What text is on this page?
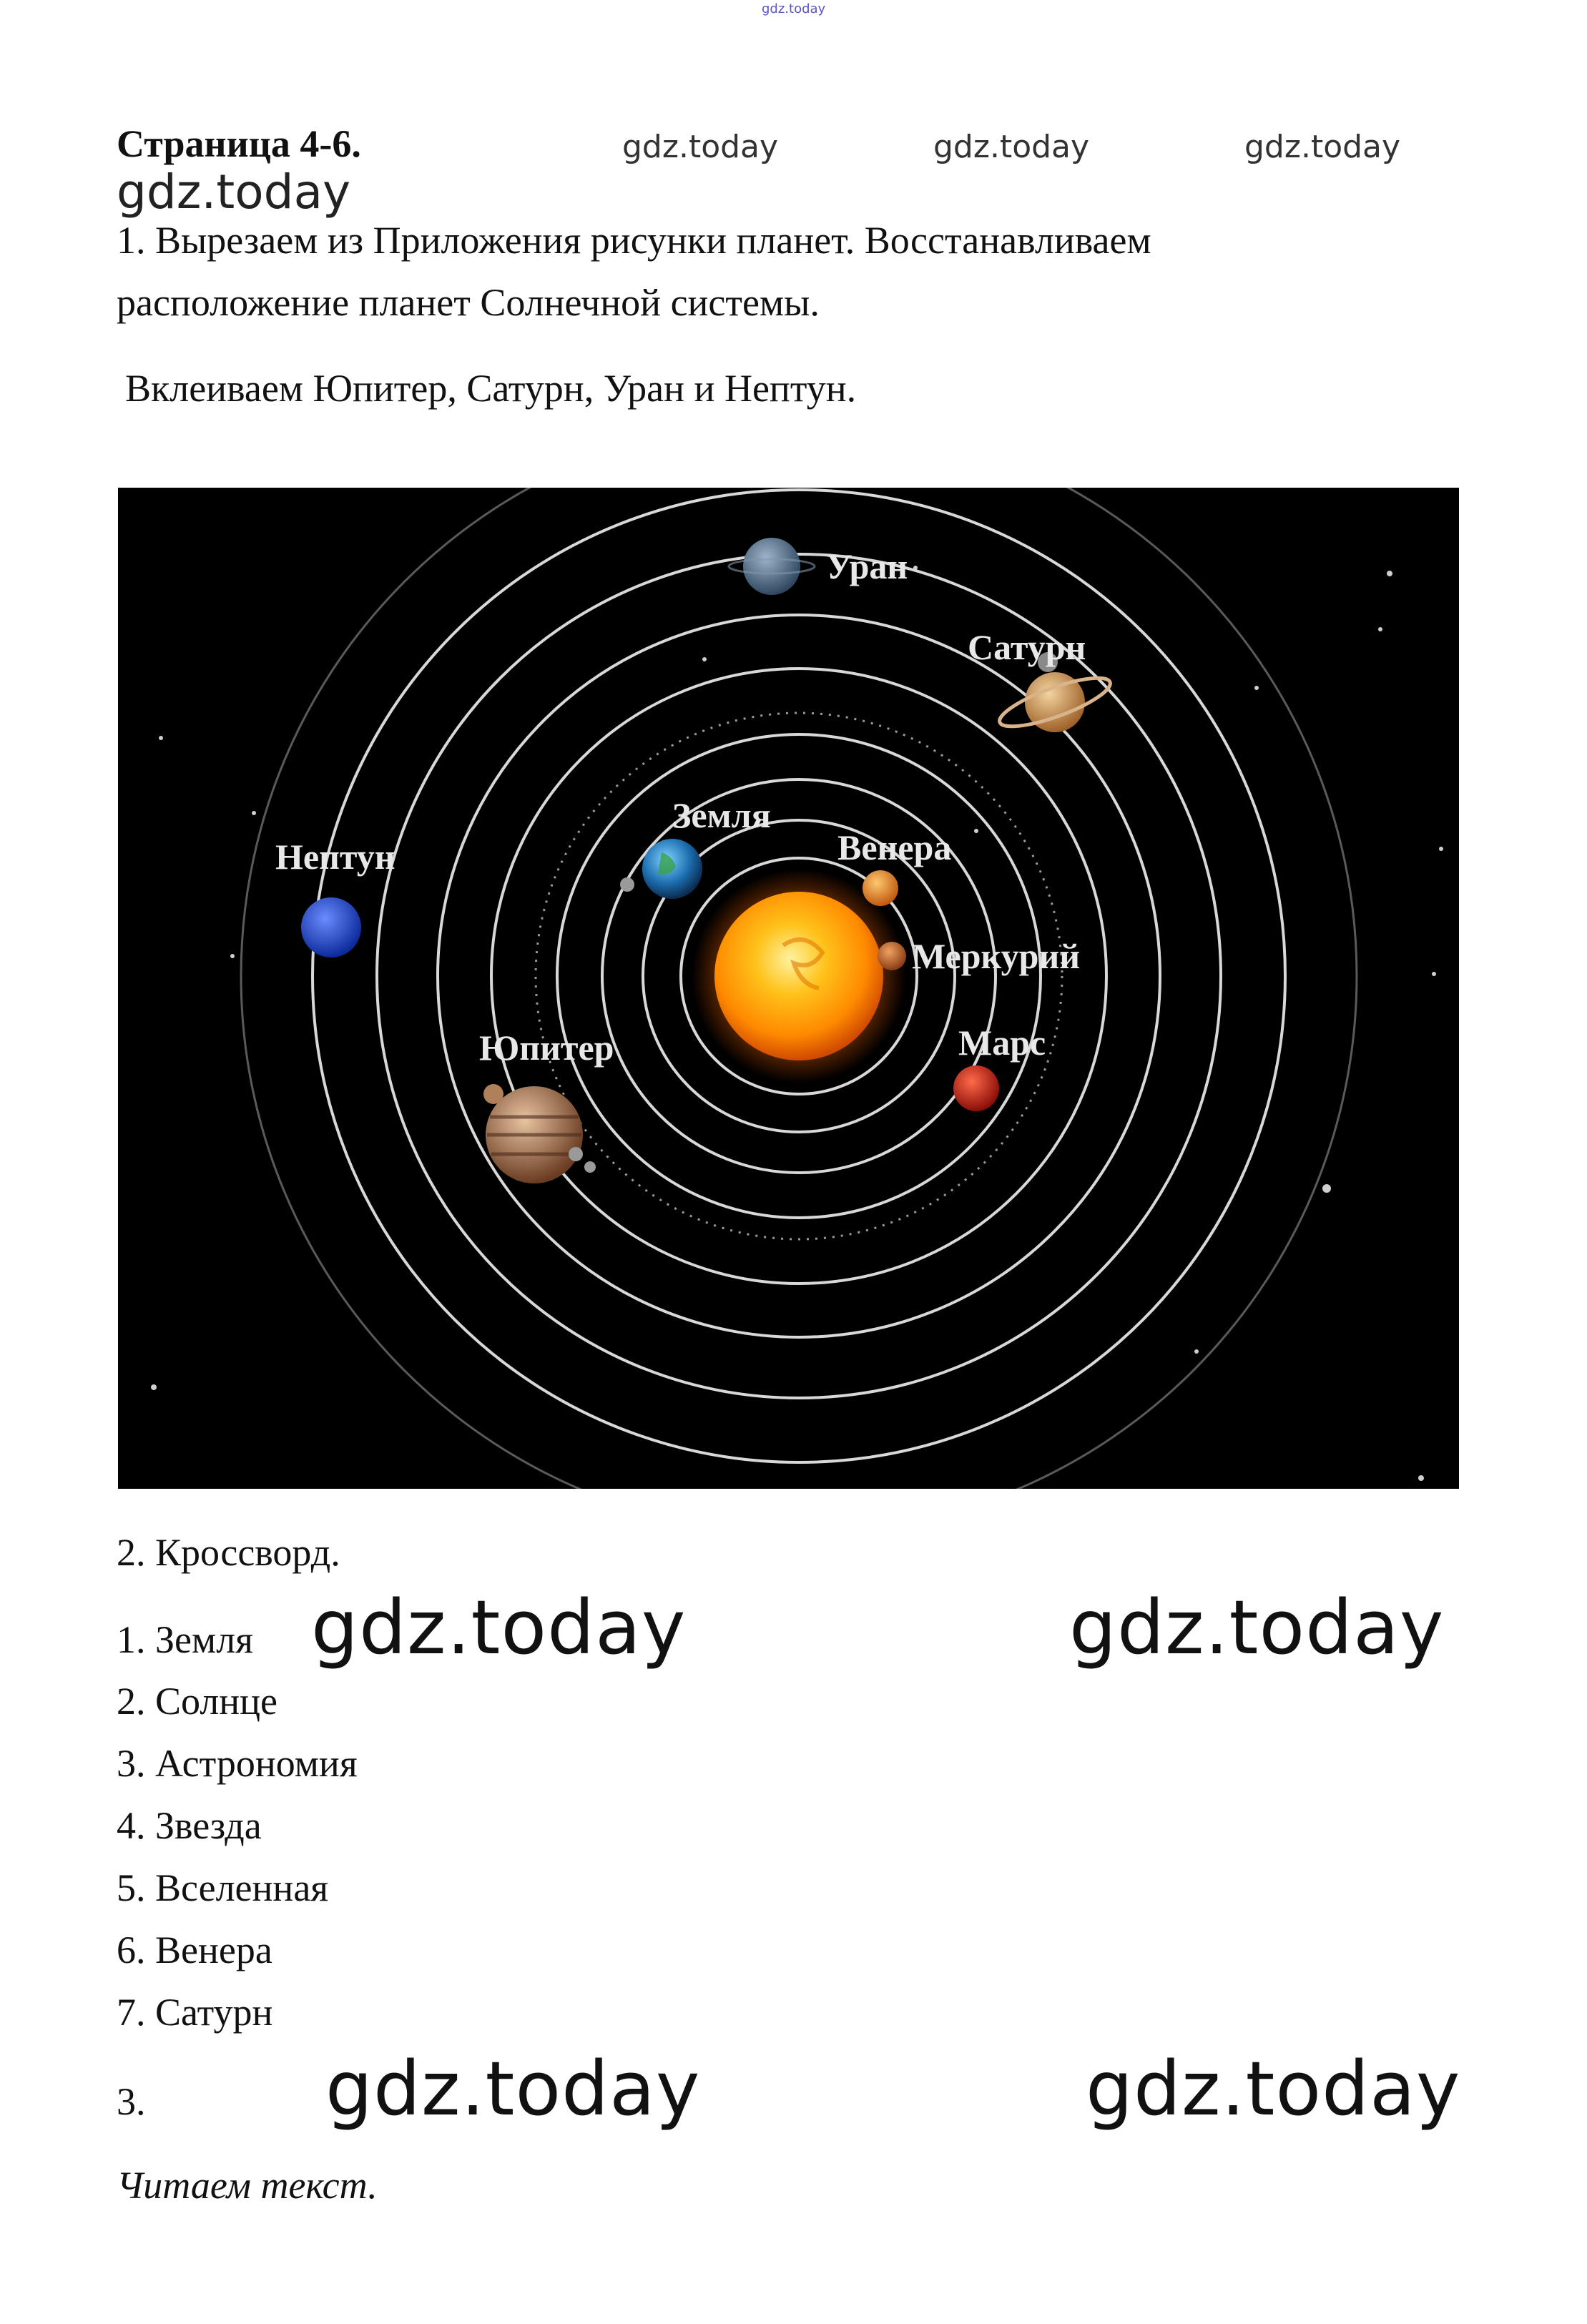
gdz.today
Страница 4-6.	gdz.today	gdz.today	gdz.today
gdz.today
1. Вырезаем из Приложения рисунки планет. Восстанавливаем
расположение планет Солнечной системы.
Вклеиваем Юпитер, Сатурн, Уран и Нептун.
Уран
Сатурн
Земля
Венера
Нептун
Меркурий
Юпитер	Марс
2. Кроссворд.
1. Земля gdz.today	gdz.today
2. Солнце
3. Астрономия
4. Звезда
5. Вселенная
6. Венера
7. Сатурн
3. gdz.today	gdz.today
Читаем текст.
